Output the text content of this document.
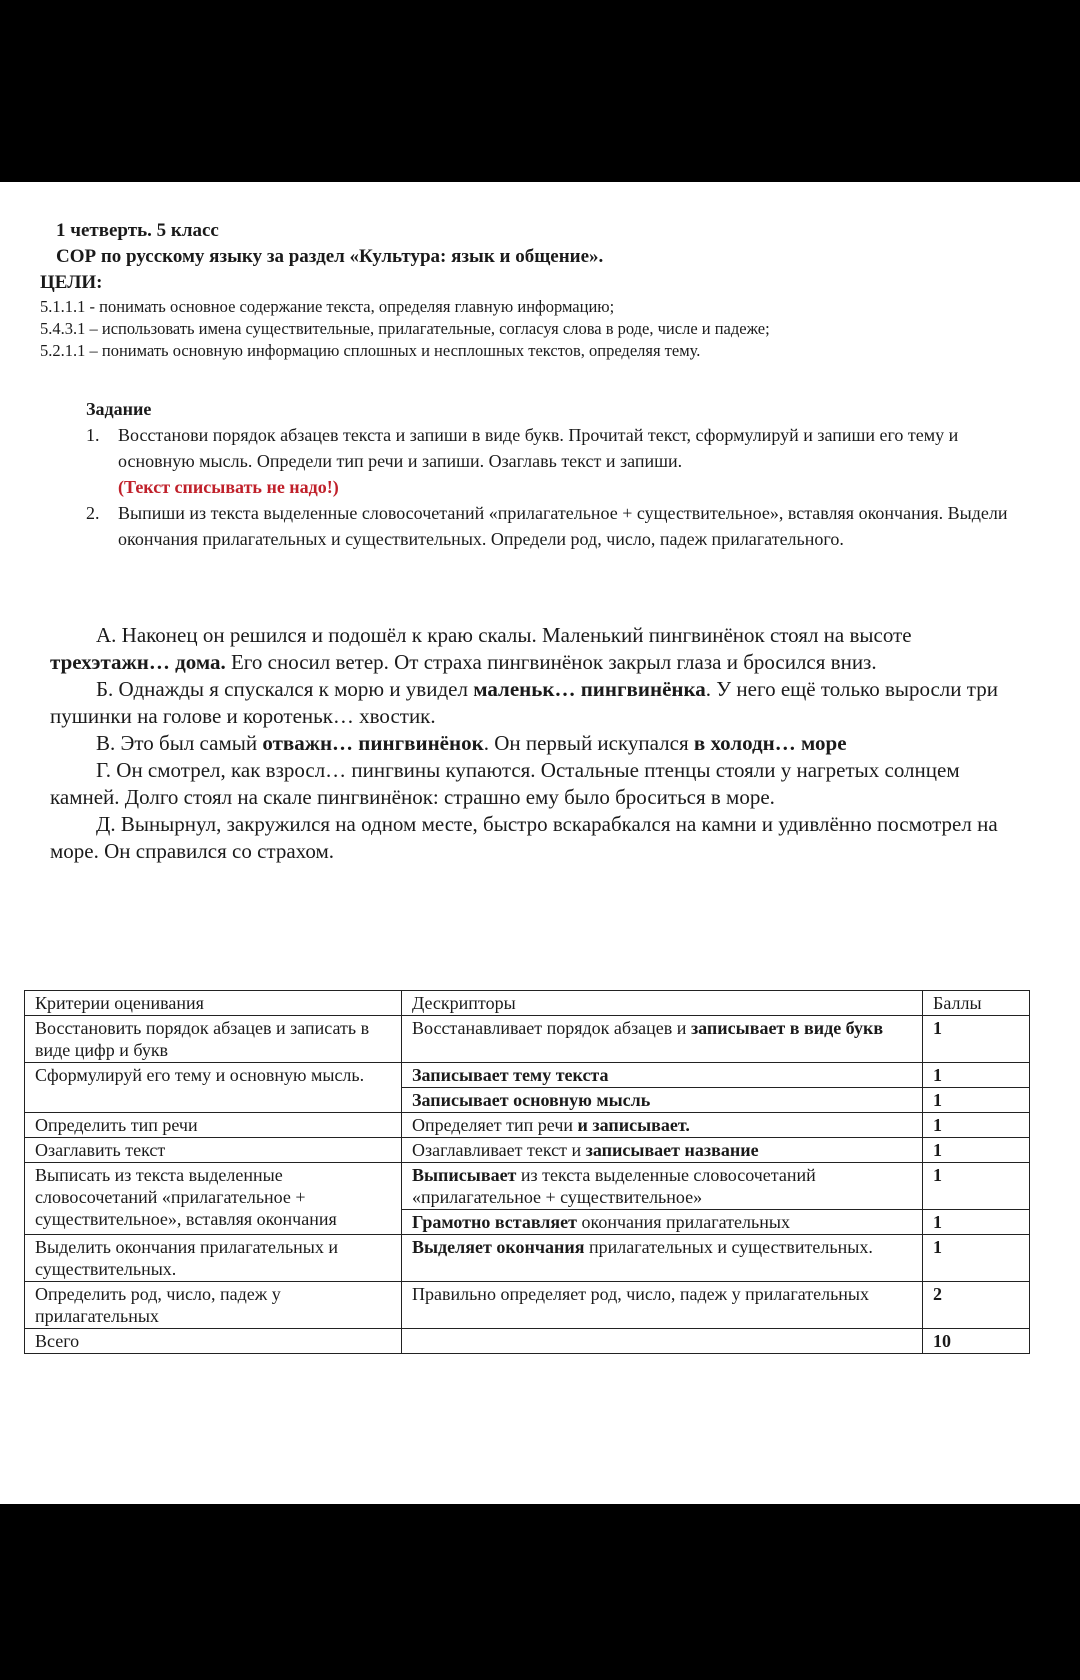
1 четверть. 5 класс
СОР по русскому языку за раздел «Культура: язык и общение».
ЦЕЛИ:
5.1.1.1 - понимать основное содержание текста, определяя главную информацию;
5.4.3.1 – использовать имена существительные, прилагательные, согласуя слова в роде, числе и падеже;
5.2.1.1 – понимать основную информацию сплошных и несплошных текстов, определяя тему.
Задание
1.	Восстанови порядок абзацев текста и запиши в виде букв. Прочитай текст, сформулируй и запиши его тему и основную мысль. Определи тип речи и запиши. Озаглавь текст и запиши.
(Текст списывать не надо!)
2.	Выпиши из текста выделенные словосочетаний «прилагательное + существительное», вставляя окончания. Выдели окончания прилагательных и существительных. Определи род, число, падеж прилагательного.

А. Наконец он решился и подошёл к краю скалы. Маленький пингвинёнок стоял на высоте трехэтажн… дома. Его сносил ветер. От страха пингвинёнок закрыл глаза и бросился вниз.

Б. Однажды я спускался к морю и увидел маленьк… пингвинёнка. У него ещё только выросли три пушинки на голове и коротеньк… хвостик.

В. Это был самый отважн… пингвинёнок. Он первый искупался в холодн… море

Г. Он смотрел, как взросл… пингвины купаются. Остальные птенцы стояли у нагретых солнцем камней. Долго стоял на скале пингвинёнок: страшно ему было броситься в море.

Д. Вынырнул, закружился на одном месте, быстро вскарабкался на камни и удивлённо посмотрел на море. Он справился со страхом.

Критерии оценивания	Дескрипторы	Баллы
Восстановить порядок абзацев и записать в виде цифр и букв	Восстанавливает порядок абзацев и записывает в виде букв	1
Сформулируй его тему и основную мысль.	Записывает тему текста	1
	Записывает основную мысль	1
Определить тип речи	Определяет тип речи и записывает.	1
Озаглавить текст	Озаглавливает текст и записывает название	1
Выписать из текста выделенные словосочетаний «прилагательное + существительное», вставляя окончания	Выписывает из текста выделенные словосочетаний «прилагательное + существительное»	1
	Грамотно вставляет окончания прилагательных	1
Выделить окончания прилагательных и существительных.	Выделяет окончания прилагательных и существительных.	1
Определить род, число, падеж у прилагательных	Правильно определяет род, число, падеж у прилагательных	2
Всего		10
